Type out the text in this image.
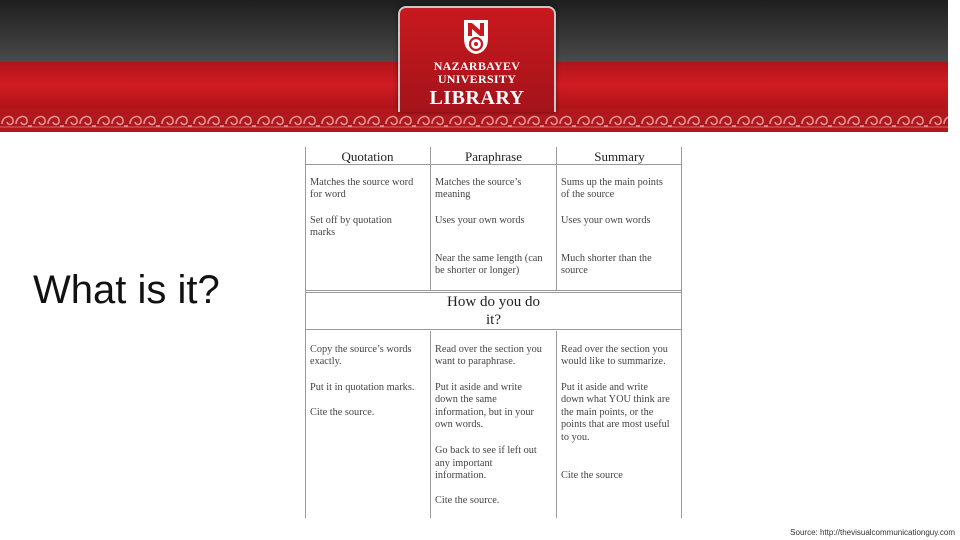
NAZARBAYEV
UNIVERSITY
LIBRARY
What is it?
Quotation	Paraphrase	Summary
Matches the source word
for word
Set off by quotation
marks
Matches the source’s
meaning
Uses your own words
Near the same length (can
be shorter or longer)
Sums up the main points
of the source
Uses your own words
Much shorter than the
source
How do you do
it?
Copy the source’s words
exactly.
Put it in quotation marks.
Cite the source.
Read over the section you
want to paraphrase.
Put it aside and write
down the same
information, but in your
own words.
Go back to see if left out
any important
information.
Cite the source.
Read over the section you
would like to summarize.
Put it aside and write
down what YOU think are
the main points, or the
points that are most useful
to you.
Cite the source
Source: http://thevisualcommunicationguy.com
